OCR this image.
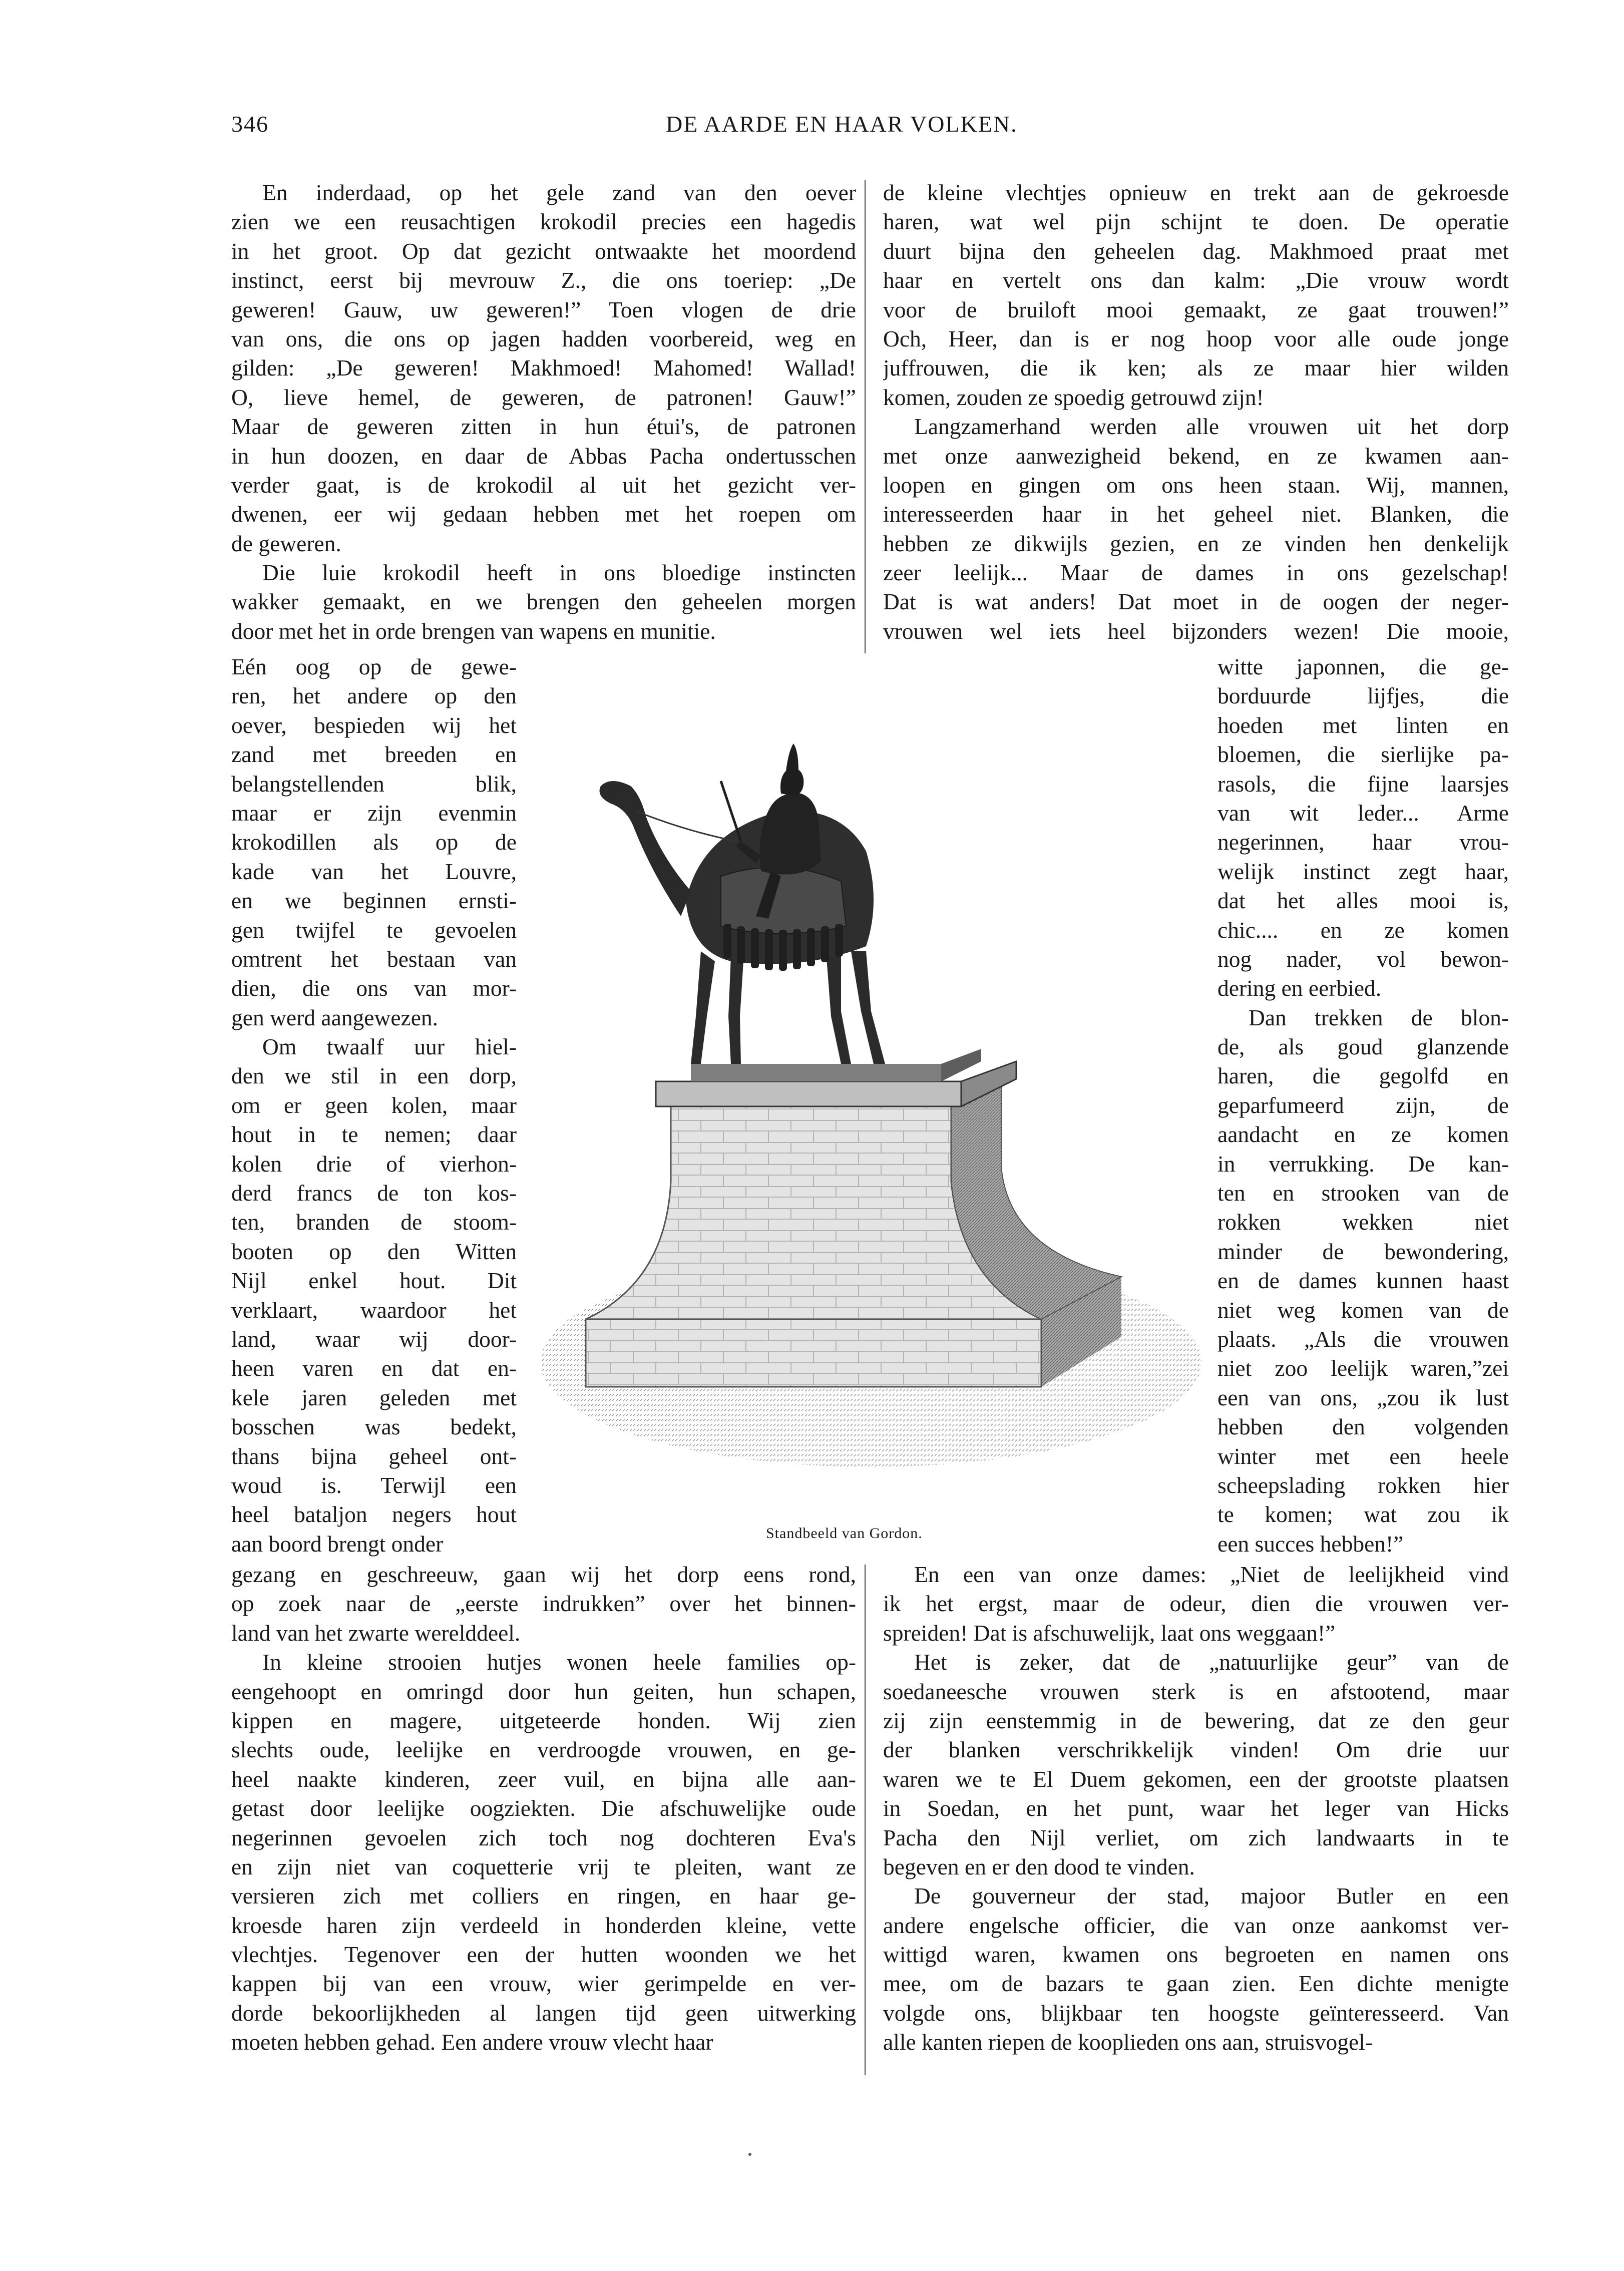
346	DE AARDE EN HAAR VOLKEN.
En inderdaad, op het gele zand van den oever
zien we een reusachtigen krokodil precies een hagedis
in het groot. Op dat gezicht ontwaakte het moordend
instinct, eerst bij mevrouw Z., die ons toeriep: „De
geweren! Gauw, uw geweren!” Toen vlogen de drie
van ons, die ons op jagen hadden voorbereid, weg en
gilden: „De geweren! Makhmoed! Mahomed! Wallad!
O, lieve hemel, de geweren, de patronen! Gauw!”
Maar de geweren zitten in hun étui's, de patronen
in hun doozen, en daar de Abbas Pacha ondertusschen
verder gaat, is de krokodil al uit het gezicht ver-
dwenen, eer wij gedaan hebben met het roepen om
de geweren.
Die luie krokodil heeft in ons bloedige instincten
wakker gemaakt, en we brengen den geheelen morgen
door met het in orde brengen van wapens en munitie.
Eén oog op de gewe-
ren, het andere op den
oever, bespieden wij het
zand met breeden en
belangstellenden blik,
maar er zijn evenmin
krokodillen als op de
kade van het Louvre,
en we beginnen ernsti-
gen twijfel te gevoelen
omtrent het bestaan van
dien, die ons van mor-
gen werd aangewezen.
Om twaalf uur hiel-
den we stil in een dorp,
om er geen kolen, maar
hout in te nemen; daar
kolen drie of vierhon-
derd francs de ton kos-
ten, branden de stoom-
booten op den Witten
Nijl enkel hout. Dit
verklaart, waardoor het
land, waar wij door-
heen varen en dat en-
kele jaren geleden met
bosschen was bedekt,
thans bijna geheel ont-
woud is. Terwijl een
heel bataljon negers hout
aan boord brengt onder
gezang en geschreeuw, gaan wij het dorp eens rond,
op zoek naar de „eerste indrukken” over het binnen-
land van het zwarte werelddeel.
In kleine strooien hutjes wonen heele families op-
eengehoopt en omringd door hun geiten, hun schapen,
kippen en magere, uitgeteerde honden. Wij zien
slechts oude, leelijke en verdroogde vrouwen, en ge-
heel naakte kinderen, zeer vuil, en bijna alle aan-
getast door leelijke oogziekten. Die afschuwelijke oude
negerinnen gevoelen zich toch nog dochteren Eva's
en zijn niet van coquetterie vrij te pleiten, want ze
versieren zich met colliers en ringen, en haar ge-
kroesde haren zijn verdeeld in honderden kleine, vette
vlechtjes. Tegenover een der hutten woonden we het
kappen bij van een vrouw, wier gerimpelde en ver-
dorde bekoorlijkheden al langen tijd geen uitwerking
moeten hebben gehad. Een andere vrouw vlecht haar
de kleine vlechtjes opnieuw en trekt aan de gekroesde
haren, wat wel pijn schijnt te doen. De operatie
duurt bijna den geheelen dag. Makhmoed praat met
haar en vertelt ons dan kalm: „Die vrouw wordt
voor de bruiloft mooi gemaakt, ze gaat trouwen!”
Och, Heer, dan is er nog hoop voor alle oude jonge
juffrouwen, die ik ken; als ze maar hier wilden
komen, zouden ze spoedig getrouwd zijn!
Langzamerhand werden alle vrouwen uit het dorp
met onze aanwezigheid bekend, en ze kwamen aan-
loopen en gingen om ons heen staan. Wij, mannen,
interesseerden haar in het geheel niet. Blanken, die
hebben ze dikwijls gezien, en ze vinden hen denkelijk
zeer leelijk... Maar de dames in ons gezelschap!
Dat is wat anders! Dat moet in de oogen der neger-
vrouwen wel iets heel bijzonders wezen! Die mooie,
witte japonnen, die ge-
borduurde lijfjes, die
hoeden met linten en
bloemen, die sierlijke pa-
rasols, die fijne laarsjes
van wit leder... Arme
negerinnen, haar vrou-
welijk instinct zegt haar,
dat het alles mooi is,
chic.... en ze komen
nog nader, vol bewon-
dering en eerbied.
Dan trekken de blon-
de, als goud glanzende
haren, die gegolfd en
geparfumeerd zijn, de
aandacht en ze komen
in verrukking. De kan-
ten en strooken van de
rokken wekken niet
minder de bewondering,
en de dames kunnen haast
niet weg komen van de
plaats. „Als die vrouwen
niet zoo leelijk waren,”zei
een van ons, „zou ik lust
hebben den volgenden
winter met een heele
scheepslading rokken hier
te komen; wat zou ik
een succes hebben!”
En een van onze dames: „Niet de leelijkheid vind
ik het ergst, maar de odeur, dien die vrouwen ver-
spreiden! Dat is afschuwelijk, laat ons weggaan!”
Het is zeker, dat de „natuurlijke geur” van de
soedaneesche vrouwen sterk is en afstootend, maar
zij zijn eenstemmig in de bewering, dat ze den geur
der blanken verschrikkelijk vinden! Om drie uur
waren we te El Duem gekomen, een der grootste plaatsen
in Soedan, en het punt, waar het leger van Hicks
Pacha den Nijl verliet, om zich landwaarts in te
begeven en er den dood te vinden.
De gouverneur der stad, majoor Butler en een
andere engelsche officier, die van onze aankomst ver-
wittigd waren, kwamen ons begroeten en namen ons
mee, om de bazars te gaan zien. Een dichte menigte
volgde ons, blijkbaar ten hoogste geïnteresseerd. Van
alle kanten riepen de kooplieden ons aan, struisvogel-
Standbeeld van Gordon.
